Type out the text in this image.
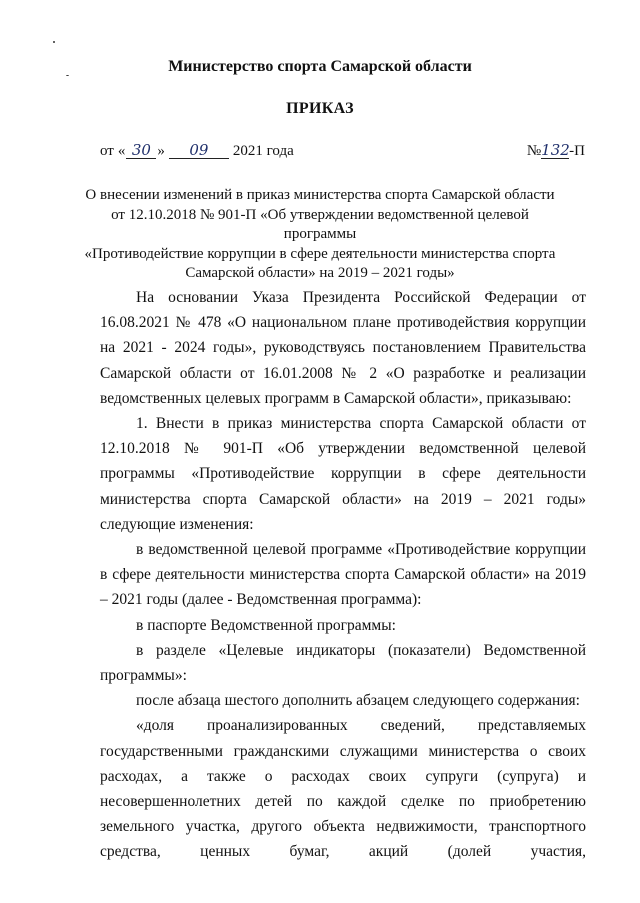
Министерство спорта Самарской области
ПРИКАЗ
от « 30 »	09	2021 года	№ 132 -П
О внесении изменений в приказ министерства спорта Самарской области
от 12.10.2018 № 901-П «Об утверждении ведомственной целевой программы
«Противодействие коррупции в сфере деятельности министерства спорта
Самарской области» на 2019 – 2021 годы»

На основании Указа Президента Российской Федерации от 16.08.2021 № 478 «О национальном плане противодействия коррупции на 2021 - 2024 годы», руководствуясь постановлением Правительства Самарской области от 16.01.2008 № 2 «О разработке и реализации ведомственных целевых программ в Самарской области», приказываю:

1. Внести в приказ министерства спорта Самарской области от 12.10.2018 № 901-П «Об утверждении ведомственной целевой программы «Противодействие коррупции в сфере деятельности министерства спорта Самарской области» на 2019 – 2021 годы» следующие изменения:

в ведомственной целевой программе «Противодействие коррупции в сфере деятельности министерства спорта Самарской области» на 2019 – 2021 годы (далее - Ведомственная программа):

в паспорте Ведомственной программы:

в разделе «Целевые индикаторы (показатели) Ведомственной программы»:

после абзаца шестого дополнить абзацем следующего содержания:

«доля проанализированных сведений, представляемых государственными гражданскими служащими министерства о своих расходах, а также о расходах своих супруги (супруга) и несовершеннолетних детей по каждой сделке по приобретению земельного участка, другого объекта недвижимости, транспортного средства, ценных бумаг, акций (долей участия,
